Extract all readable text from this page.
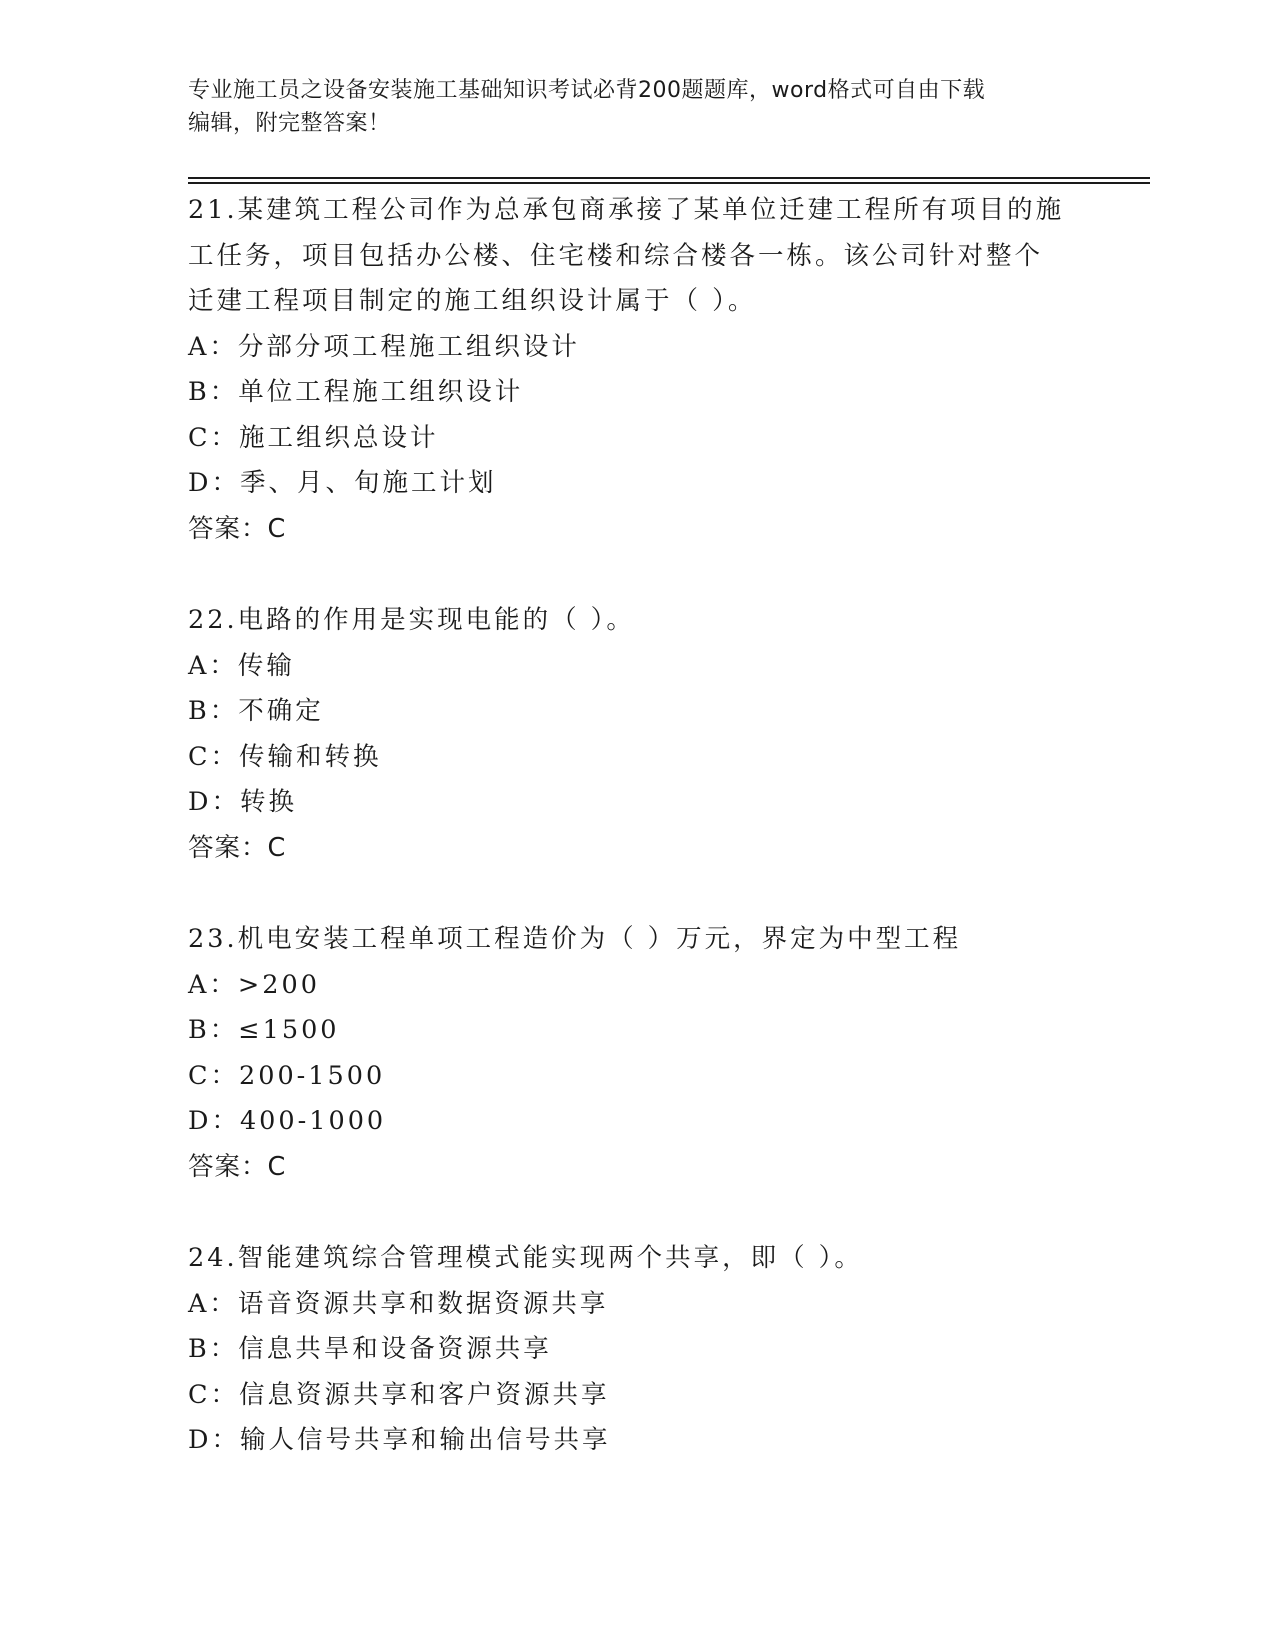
专业施工员之设备安装施工基础知识考试必背200题题库，word格式可自由下载
编辑，附完整答案！
21.某建筑工程公司作为总承包商承接了某单位迁建工程所有项目的施
工任务，项目包括办公楼、住宅楼和综合楼各一栋。该公司针对整个
迁建工程项目制定的施工组织设计属于（ ）。
A：分部分项工程施工组织设计
B：单位工程施工组织设计
C：施工组织总设计
D：季、月、旬施工计划
答案：C
22.电路的作用是实现电能的（ ）。
A：传输
B：不确定
C：传输和转换
D：转换
答案：C
23.机电安装工程单项工程造价为（ ）万元，界定为中型工程
A：>200
B：≤1500
C：200-1500
D：400-1000
答案：C
24.智能建筑综合管理模式能实现两个共享，即（ ）。
A：语音资源共享和数据资源共享
B：信息共旱和设备资源共享
C：信息资源共享和客户资源共享
D：输人信号共享和输出信号共享
